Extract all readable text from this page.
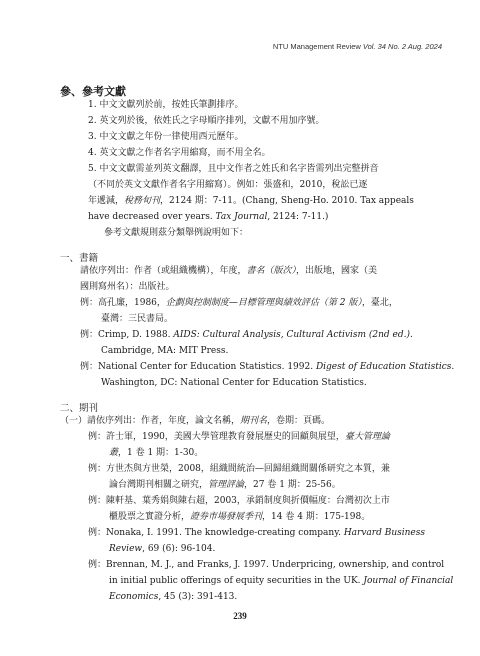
NTU Management Review Vol. 34 No. 2 Aug. 2024
參、參考文獻
1. 中文文獻列於前，按姓氏筆劃排序。
2. 英文列於後，依姓氏之字母順序排列，文獻不用加序號。
3. 中文文獻之年份一律使用西元歷年。
4. 英文文獻之作者名字用縮寫，而不用全名。
5. 中文文獻需並列英文翻譯，且中文作者之姓氏和名字皆需列出完整拼音
（不同於英文文獻作者名字用縮寫）。例如：張盛和，2010，稅訟已逐
年遞減，稅務旬刊，2124 期：7-11。(Chang, Sheng-Ho. 2010. Tax appeals
have decreased over years. Tax Journal, 2124: 7-11.)
參考文獻規則茲分類舉例說明如下：
一、書籍
請依序列出：作者（或組織機構），年度，書名（版次），出版地，國家（美
國則寫州名）：出版社。
例：高孔廉，1986，企劃與控制制度—目標管理與績效評估（第 2 版），臺北，
臺灣：三民書局。
例：Crimp, D. 1988. AIDS: Cultural Analysis, Cultural Activism (2nd ed.).
Cambridge, MA: MIT Press.
例：National Center for Education Statistics. 1992. Digest of Education Statistics.
Washington, DC: National Center for Education Statistics.
二、期刊
（一）請依序列出：作者，年度，論文名稱，期刊名，卷期：頁碼。
例：許士軍，1990，美國大學管理教育發展歷史的回顧與展望，臺大管理論
叢，1 卷 1 期：1-30。
例：方世杰與方世榮，2008，組織間統治—回歸組織間關係研究之本質，兼
論台灣期刊相關之研究，管理評論，27 卷 1 期：25-56。
例：陳軒基、葉秀娟與陳右超，2003，承銷制度與折價幅度：台灣初次上市
櫃股票之實證分析，證券市場發展季刊，14 卷 4 期：175-198。
例：Nonaka, I. 1991. The knowledge-creating company. Harvard Business
Review, 69 (6): 96-104.
例：Brennan, M. J., and Franks, J. 1997. Underpricing, ownership, and control
in initial public offerings of equity securities in the UK. Journal of Financial
Economics, 45 (3): 391-413.
239
